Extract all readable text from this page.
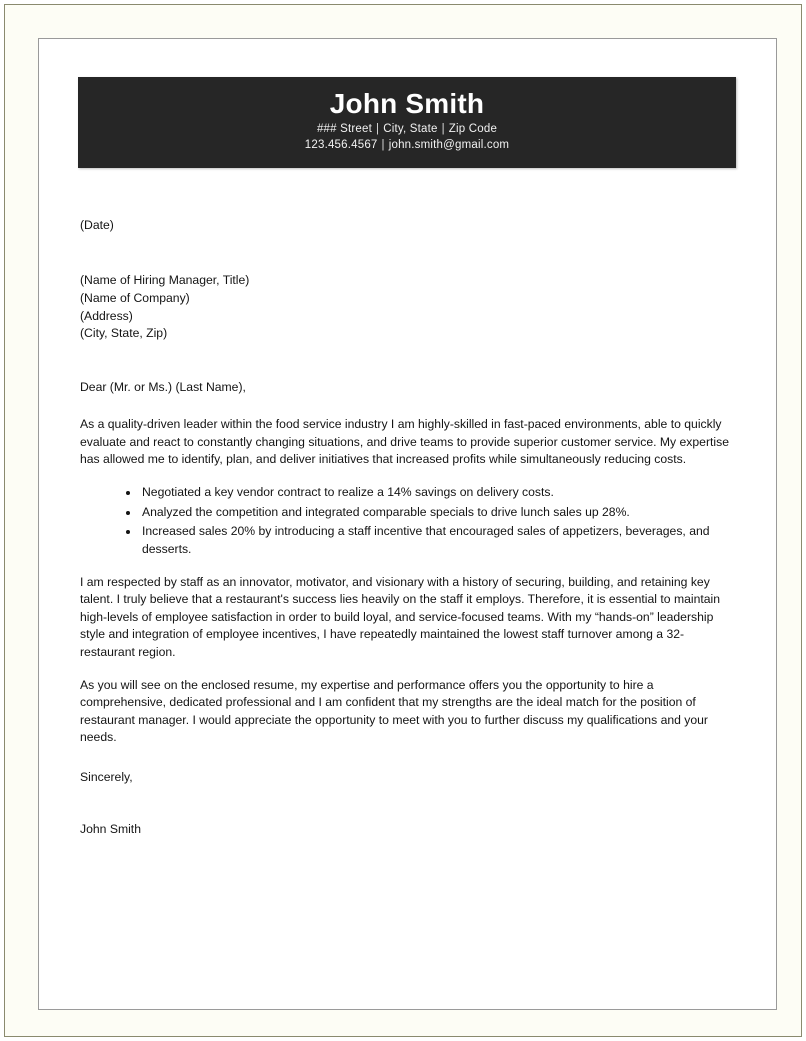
John Smith
### Street | City, State | Zip Code
123.456.4567 | john.smith@gmail.com

(Date)

(Name of Hiring Manager, Title)
(Name of Company)
(Address)
(City, State, Zip)

Dear (Mr. or Ms.) (Last Name),

As a quality-driven leader within the food service industry I am highly-skilled in fast-paced environments, able to quickly evaluate and react to constantly changing situations, and drive teams to provide superior customer service. My expertise has allowed me to identify, plan, and deliver initiatives that increased profits while simultaneously reducing costs.

Negotiated a key vendor contract to realize a 14% savings on delivery costs.
Analyzed the competition and integrated comparable specials to drive lunch sales up 28%.
Increased sales 20% by introducing a staff incentive that encouraged sales of appetizers, beverages, and desserts.

I am respected by staff as an innovator, motivator, and visionary with a history of securing, building, and retaining key talent. I truly believe that a restaurant's success lies heavily on the staff it employs. Therefore, it is essential to maintain high-levels of employee satisfaction in order to build loyal, and service-focused teams. With my “hands-on” leadership style and integration of employee incentives, I have repeatedly maintained the lowest staff turnover among a 32-restaurant region.

As you will see on the enclosed resume, my expertise and performance offers you the opportunity to hire a comprehensive, dedicated professional and I am confident that my strengths are the ideal match for the position of restaurant manager. I would appreciate the opportunity to meet with you to further discuss my qualifications and your needs.

Sincerely,

John Smith
